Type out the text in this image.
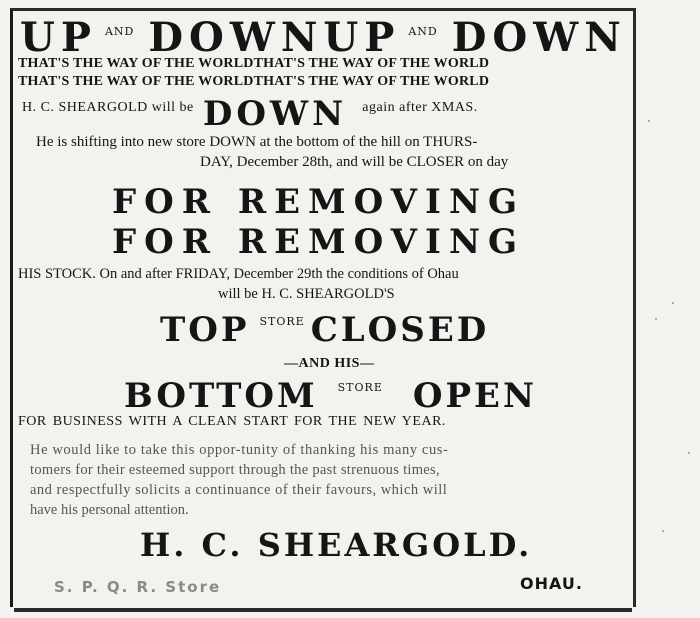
UP $^{AND}$ DOWNUP $^{AND}$ DOWN
THAT'S THE WAY OF THE WORLDTHAT'S THE WAY OF THE WORLD
THAT'S THE WAY OF THE WORLDTHAT'S THE WAY OF THE WORLD
H. C. SHEARGOLD will be DOWN again after XMAS.
He is shifting into new store DOWN at the bottom of the hill on THURS-
DAY, December 28th, and will be CLOSER on day
FOR REMOVING
FOR REMOVING
HIS STOCK. On and after FRIDAY, December 29th the conditions of Ohau
will be H. C. SHEARGOLD'S
TOP $^{STORE}$ CLOSED
—AND HIS—
BOTTOM $^{STORE}$ OPEN
FOR BUSINESS WITH A CLEAN START FOR THE NEW YEAR.
He would like to take this oppor-tunity of thanking his many cus-
tomers for their esteemed support through the past strenuous times,
and respectfully solicits a continuance of their favours, which will
have his personal attention.
H. C. SHEARGOLD.
S. P. Q. R. Store	OHAU.
